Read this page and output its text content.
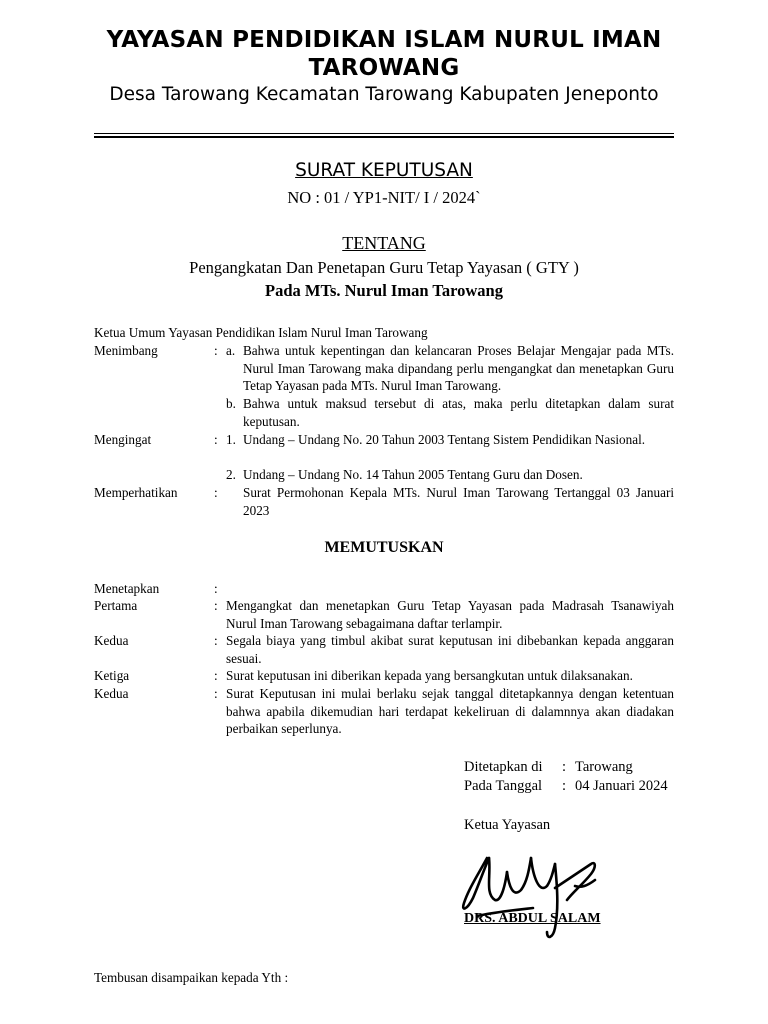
YAYASAN PENDIDIKAN ISLAM NURUL IMAN TAROWANG
Desa Tarowang Kecamatan Tarowang Kabupaten Jeneponto
SURAT KEPUTUSAN
NO : 01 / YP1-NIT/ I / 2024`
TENTANG
Pengangkatan Dan Penetapan Guru Tetap Yayasan ( GTY )
Pada MTs. Nurul Iman Tarowang
Ketua Umum Yayasan Pendidikan Islam Nurul Iman Tarowang
Menimbang	: a. Bahwa untuk kepentingan dan kelancaran Proses Belajar Mengajar pada MTs. Nurul Iman Tarowang maka dipandang perlu mengangkat dan menetapkan Guru Tetap Yayasan pada MTs. Nurul Iman Tarowang.
b. Bahwa untuk maksud tersebut di atas, maka perlu ditetapkan dalam surat keputusan.
Mengingat	: 1. Undang – Undang No. 20 Tahun 2003 Tentang Sistem Pendidikan Nasional.
2. Undang – Undang No. 14 Tahun 2005 Tentang Guru dan Dosen.
Memperhatikan	: Surat Permohonan Kepala MTs. Nurul Iman Tarowang Tertanggal 03 Januari 2023
MEMUTUSKAN
Menetapkan	:
Pertama	: Mengangkat dan menetapkan Guru Tetap Yayasan pada Madrasah Tsanawiyah Nurul Iman Tarowang sebagaimana daftar terlampir.
Kedua	: Segala biaya yang timbul akibat surat keputusan ini dibebankan kepada anggaran sesuai.
Ketiga	: Surat keputusan ini diberikan kepada yang bersangkutan untuk dilaksanakan.
Kedua	: Surat Keputusan ini mulai berlaku sejak tanggal ditetapkannya dengan ketentuan bahwa apabila dikemudian hari terdapat kekeliruan di dalamnnya akan diadakan perbaikan seperlunya.
Ditetapkan di : Tarowang
Pada Tanggal : 04 Januari 2024
Ketua Yayasan
DRS. ABDUL SALAM
Tembusan disampaikan kepada Yth :
